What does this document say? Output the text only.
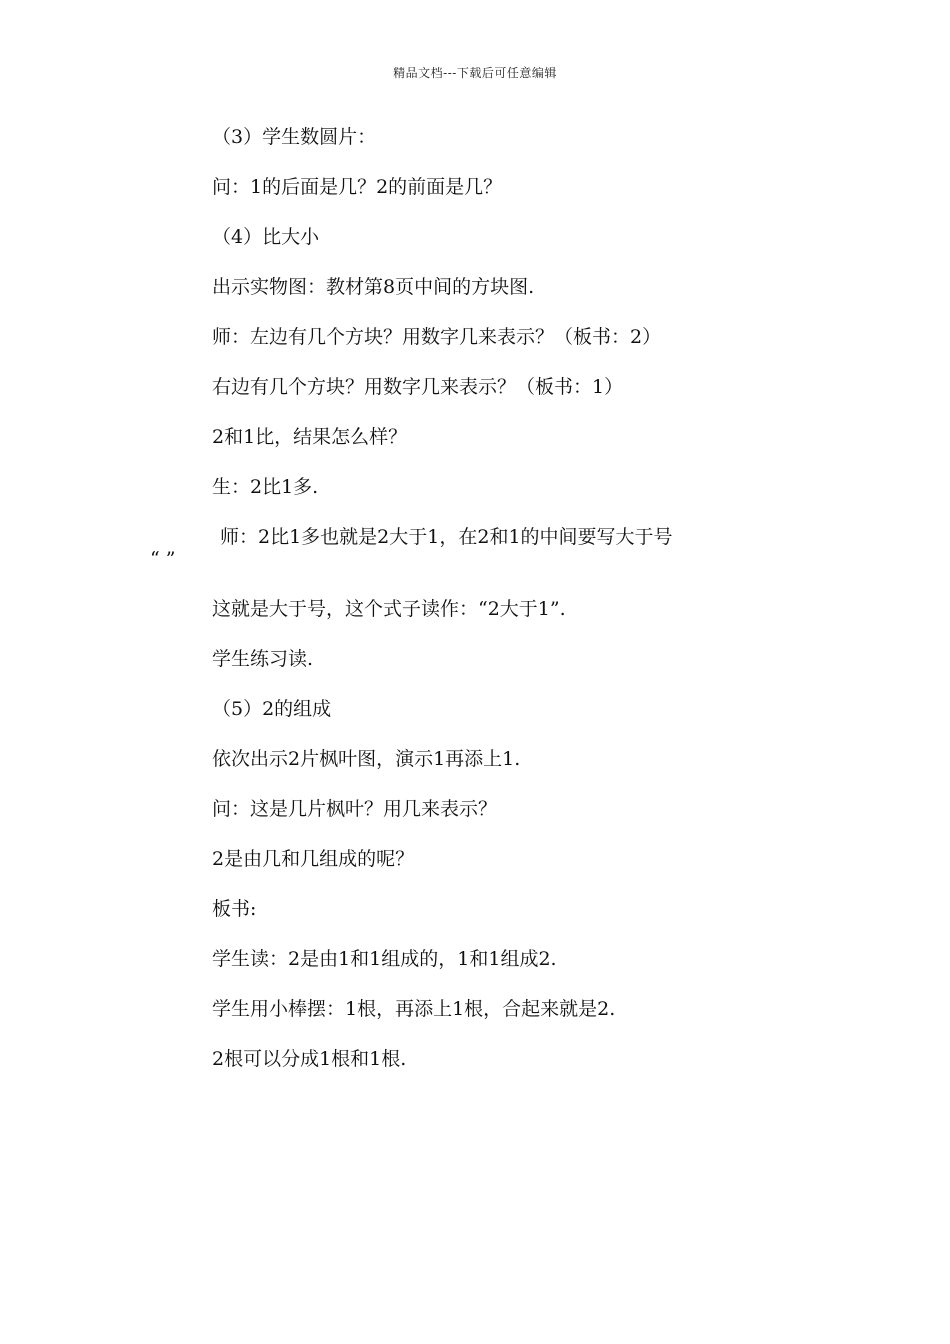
精品文档---下载后可任意编辑
（3）学生数圆片：
问：1的后面是几？2的前面是几？
（4）比大小
出示实物图：教材第8页中间的方块图.
师：左边有几个方块？用数字几来表示？（板书：2）
右边有几个方块？用数字几来表示？（板书：1）
2和1比，结果怎么样？
生：2比1多.
师：2比1多也就是2大于1，在2和1的中间要写大于号
“ ”
这就是大于号，这个式子读作：“2大于1”.
学生练习读.
（5）2的组成
依次出示2片枫叶图，演示1再添上1.
问：这是几片枫叶？用几来表示？
2是由几和几组成的呢？
板书:
学生读：2是由1和1组成的，1和1组成2.
学生用小棒摆：1根，再添上1根，合起来就是2.
2根可以分成1根和1根.
